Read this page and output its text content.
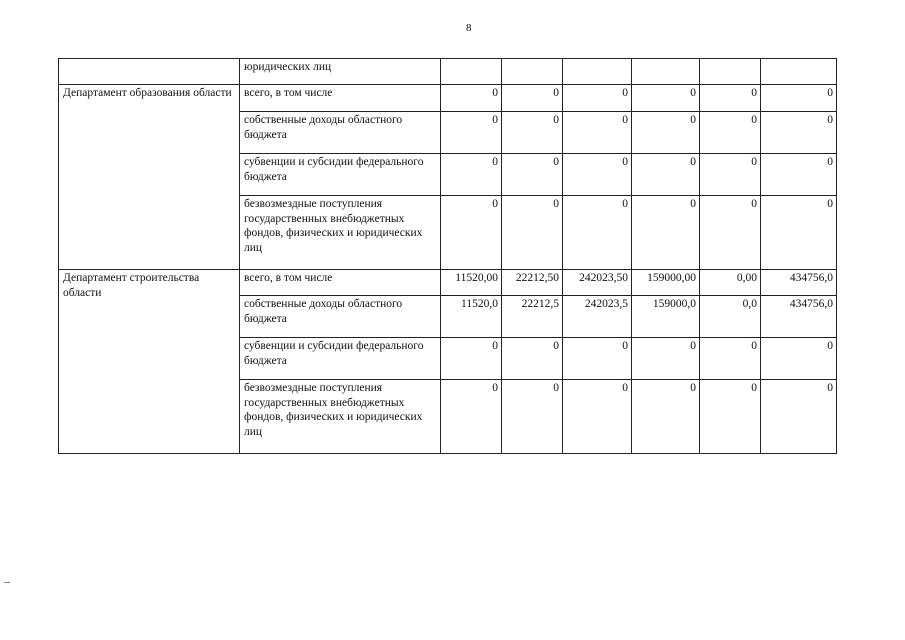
8
	юридических лиц						
Департамент образования области	всего, в том числе	0	0	0	0	0	0
	собственные доходы областного бюджета	0	0	0	0	0	0
	субвенции и субсидии федерального бюджета	0	0	0	0	0	0
	безвозмездные поступления государственных внебюджетных фондов, физических и юридических лиц	0	0	0	0	0	0
Департамент строительства области	всего, в том числе	11520,00	22212,50	242023,50	159000,00	0,00	434756,0
	собственные доходы областного бюджета	11520,0	22212,5	242023,5	159000,0	0,0	434756,0
	субвенции и субсидии федерального бюджета	0	0	0	0	0	0
	безвозмездные поступления государственных внебюджетных фондов, физических и юридических лиц	0	0	0	0	0	0
